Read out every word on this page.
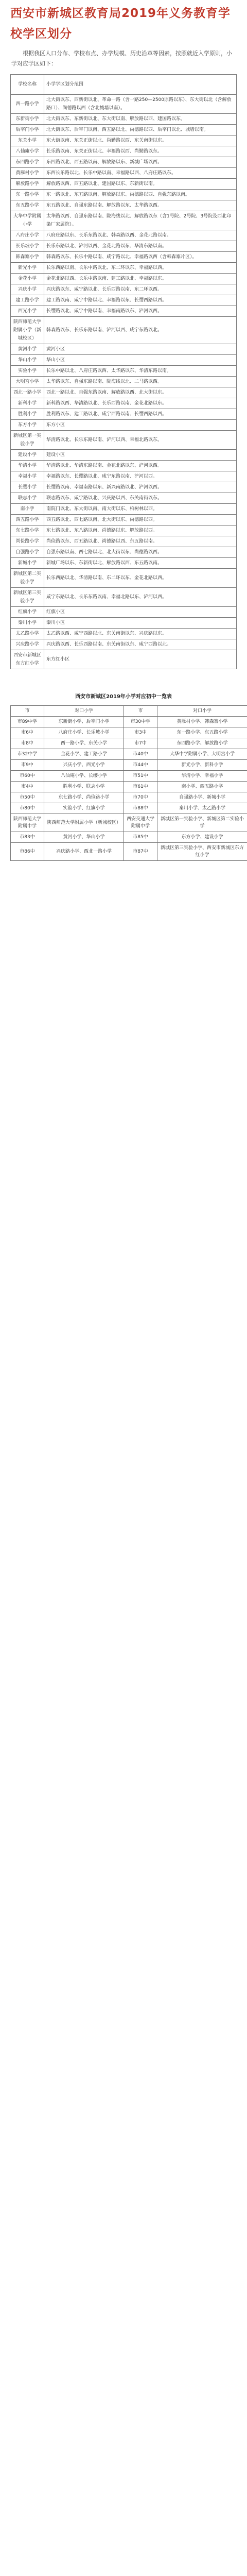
西安市新城区教育局2019年义务教育学校学区划分
根据我区人口分布、学校布点、办学规模、历史沿革等因素，按照就近入学原则，小学对应学区如下：
学校名称	小学学区划分范围
西一路小学	北大街以东、西新街以北、革命一路（含一路250—2500原路以东）、东大街以北（含解放路口）、尚德路以西（含北城墙以南）。
东新街小学	北大街以东、东新街以北、东大街以南、解放路以西、建国路以东。
后宰门小学	北大街以东、后宰门以南、西五路以北、尚德路以西、后宰门以北、城墙以南。
东关小学	东大街以南、东关正街以北、尚勤路以西、东关南街以东。
八仙庵小学	长乐路以南、东关正街以北、幸福路以西、尚勤路以东。
东四路小学	东四路以北、西五路以南、解放路以东、新城广场以西。
黄雁村小学	东西长乐路以北、长乐中路以南、幸福路以西、八府庄路以东。
解放路小学	解放路以西、西五路以北、建国路以东、东新街以南。
东一路小学	东一路以北、东五路以南、解放路以东、尚德路以西、自强东路以南。
东五路小学	东五路以北、自强东路以南、解放路以东、太华路以西。
大华中学附属小学	太华路以西、自强东路以南、陇海线以北、解放路以东（含1号院、2号院、3号院及西北印染厂家属院）。
八府庄小学	八府庄路以东、长乐东路以北、韩森路以西、金花北路以南。
长乐坡小学	长乐东路以北、浐河以西、金花北路以东、华清东路以南。
韩森寨小学	韩森路以东、长乐中路以南、咸宁路以北、幸福路以西（含韩森寨片区）。
新光小学	长乐西路以南、长乐中路以北、东二环以东、幸福路以西。
金花小学	金花北路以西、长乐中路以南、建工路以北、幸福路以东。
兴庆小学	兴庆路以东、咸宁路以北、长乐西路以南、东二环以西。
建工路小学	建工路以南、咸宁中路以北、幸福路以东、长缨西路以西。
西光小学	长缨路以北、咸宁中路以南、幸福南路以东、浐河以西。
陕西师范大学附属小学（新城校区）	韩森路以东、长乐东路以南、浐河以西、咸宁东路以北。
黄河小学	黄河小区
华山小学	华山小区
实验小学	长乐中路以北、八府庄路以西、太华路以东、华清东路以南。
大明宫小学	太华路以东、自强东路以南、陇海线以北、二马路以西。
西北一路小学	西北一路以北、自强东路以南、解放路以西、北大街以东。
新科小学	新科路以西、华清路以北、长乐西路以南、金花北路以东。
胜利小学	胜利路以东、建工路以北、咸宁西路以南、长缨西路以西。
东方小学	东方小区
新城区第一实验小学	华清路以北、长乐东路以南、浐河以西、幸福北路以东。
建设小学	建设小区
华清小学	华清路以北、华清东路以南、金花北路以东、浐河以西。
幸福小学	幸福路以东、长缨路以北、咸宁东路以南、浐河以西。
长缨小学	长缨路以南、幸福南路以东、新兴南路以北、浐河以西。
联志小学	联志路以东、咸宁路以北、兴庆路以西、东关南街以东。
南小学	南院门以北、东大街以南、南大街以东、柏树林以西。
西五路小学	西五路以北、西七路以南、北大街以东、尚德路以西。
东七路小学	东七路以北、东八路以南、尚德路以东、解放路以西。
尚俭路小学	尚俭路以东、西五路以北、尚德路以西、东五路以南。
自强路小学	自强东路以南、西七路以北、北大街以东、尚德路以西。
新城小学	新城广场以东、东新街以北、解放路以西、东五路以南。
新城区第二实验小学	长乐西路以北、华清路以南、东二环以东、金花北路以西。
新城区第三实验小学	咸宁东路以北、长乐东路以南、幸福北路以东、浐河以西。
红旗小学	红旗小区
秦川小学	秦川小区
太乙路小学	太乙路以西、咸宁西路以北、东关南街以东、兴庆路以东。
兴庆路小学	兴庆路以西、长乐西路以南、东关南街以东、咸宁西路以北。
西安市新城区东方红小学	东方红小区
西安市新城区2019年小学对应初中一览表
市	对口小学	市	对口小学
市89中学	东新街小学、后宰门小学	市30中学	黄雁村小学、韩森寨小学
市6中	八府庄小学、长乐坡小学	市3中	东一路小学、东五路小学
市8中	西一路小学、东关小学	市7中	东四路小学、解放路小学
市32中学	金花小学、建工路小学	市40中	大华中学附属小学、大明宫小学
市9中	兴庆小学、西光小学	市44中	新光小学、新科小学
市60中	八仙庵小学、长缨小学	市51中	华清小学、幸福小学
市4中	胜利小学、联志小学	市61中	南小学、西五路小学
市50中	东七路小学、尚俭路小学	市70中	自强路小学、新城小学
市80中	实验小学、红旗小学	市88中	秦川小学、太乙路小学
陕西师范大学附属中学	陕西师范大学附属小学（新城校区）	西安交通大学附属中学	新城区第一实验小学、新城区第二实验小学
市83中	黄河小学、华山小学	市85中	东方小学、建设小学
市86中	兴庆路小学、西北一路小学	市87中	新城区第三实验小学、西安市新城区东方红小学
